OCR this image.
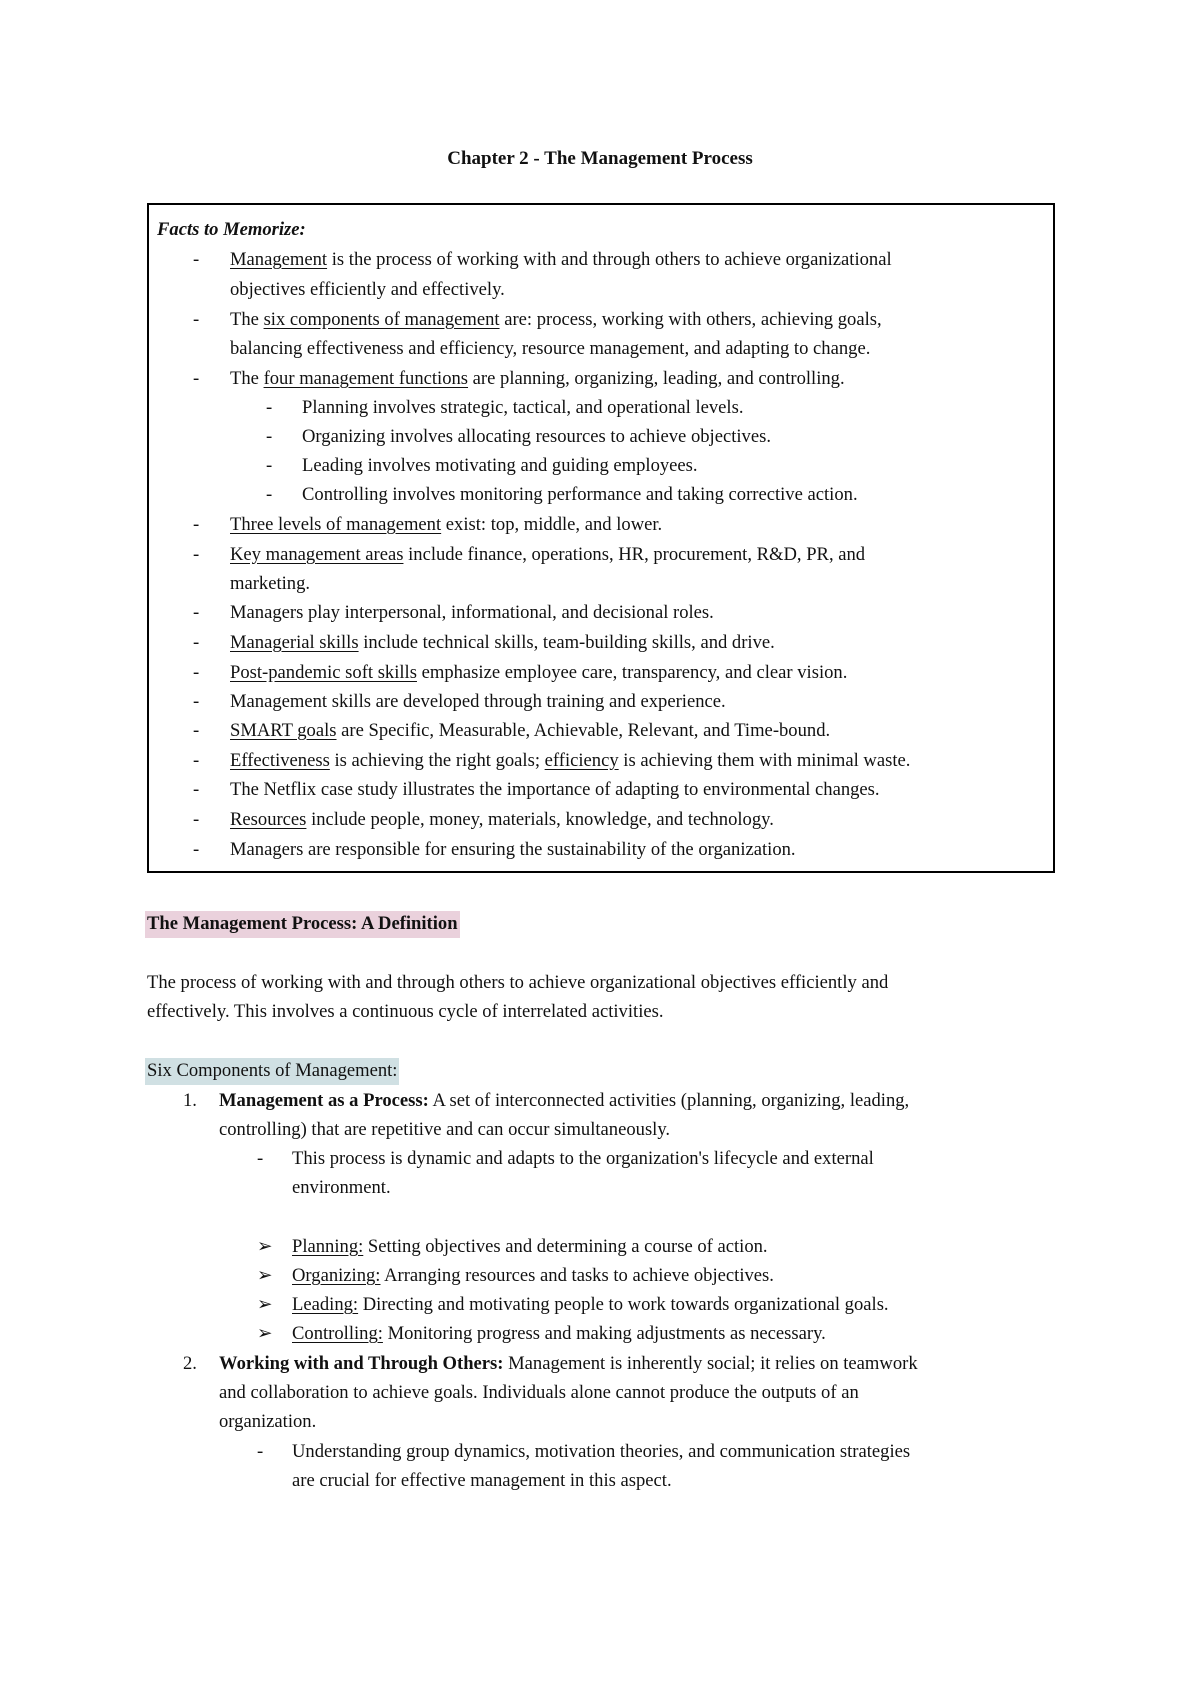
Chapter 2 - The Management Process
Facts to Memorize:
- Management is the process of working with and through others to achieve organizational
objectives efficiently and effectively.
- The six components of management are: process, working with others, achieving goals,
balancing effectiveness and efficiency, resource management, and adapting to change.
- The four management functions are planning, organizing, leading, and controlling.
- Planning involves strategic, tactical, and operational levels.
- Organizing involves allocating resources to achieve objectives.
- Leading involves motivating and guiding employees.
- Controlling involves monitoring performance and taking corrective action.
- Three levels of management exist: top, middle, and lower.
- Key management areas include finance, operations, HR, procurement, R&D, PR, and
marketing.
- Managers play interpersonal, informational, and decisional roles.
- Managerial skills include technical skills, team-building skills, and drive.
- Post-pandemic soft skills emphasize employee care, transparency, and clear vision.
- Management skills are developed through training and experience.
- SMART goals are Specific, Measurable, Achievable, Relevant, and Time-bound.
- Effectiveness is achieving the right goals; efficiency is achieving them with minimal waste.
- The Netflix case study illustrates the importance of adapting to environmental changes.
- Resources include people, money, materials, knowledge, and technology.
- Managers are responsible for ensuring the sustainability of the organization.
The Management Process: A Definition
The process of working with and through others to achieve organizational objectives efficiently and
effectively. This involves a continuous cycle of interrelated activities.
Six Components of Management:
1. Management as a Process: A set of interconnected activities (planning, organizing, leading,
controlling) that are repetitive and can occur simultaneously.
- This process is dynamic and adapts to the organization's lifecycle and external
environment.
➢ Planning: Setting objectives and determining a course of action.
➢ Organizing: Arranging resources and tasks to achieve objectives.
➢ Leading: Directing and motivating people to work towards organizational goals.
➢ Controlling: Monitoring progress and making adjustments as necessary.
2. Working with and Through Others: Management is inherently social; it relies on teamwork
and collaboration to achieve goals. Individuals alone cannot produce the outputs of an
organization.
- Understanding group dynamics, motivation theories, and communication strategies
are crucial for effective management in this aspect.
